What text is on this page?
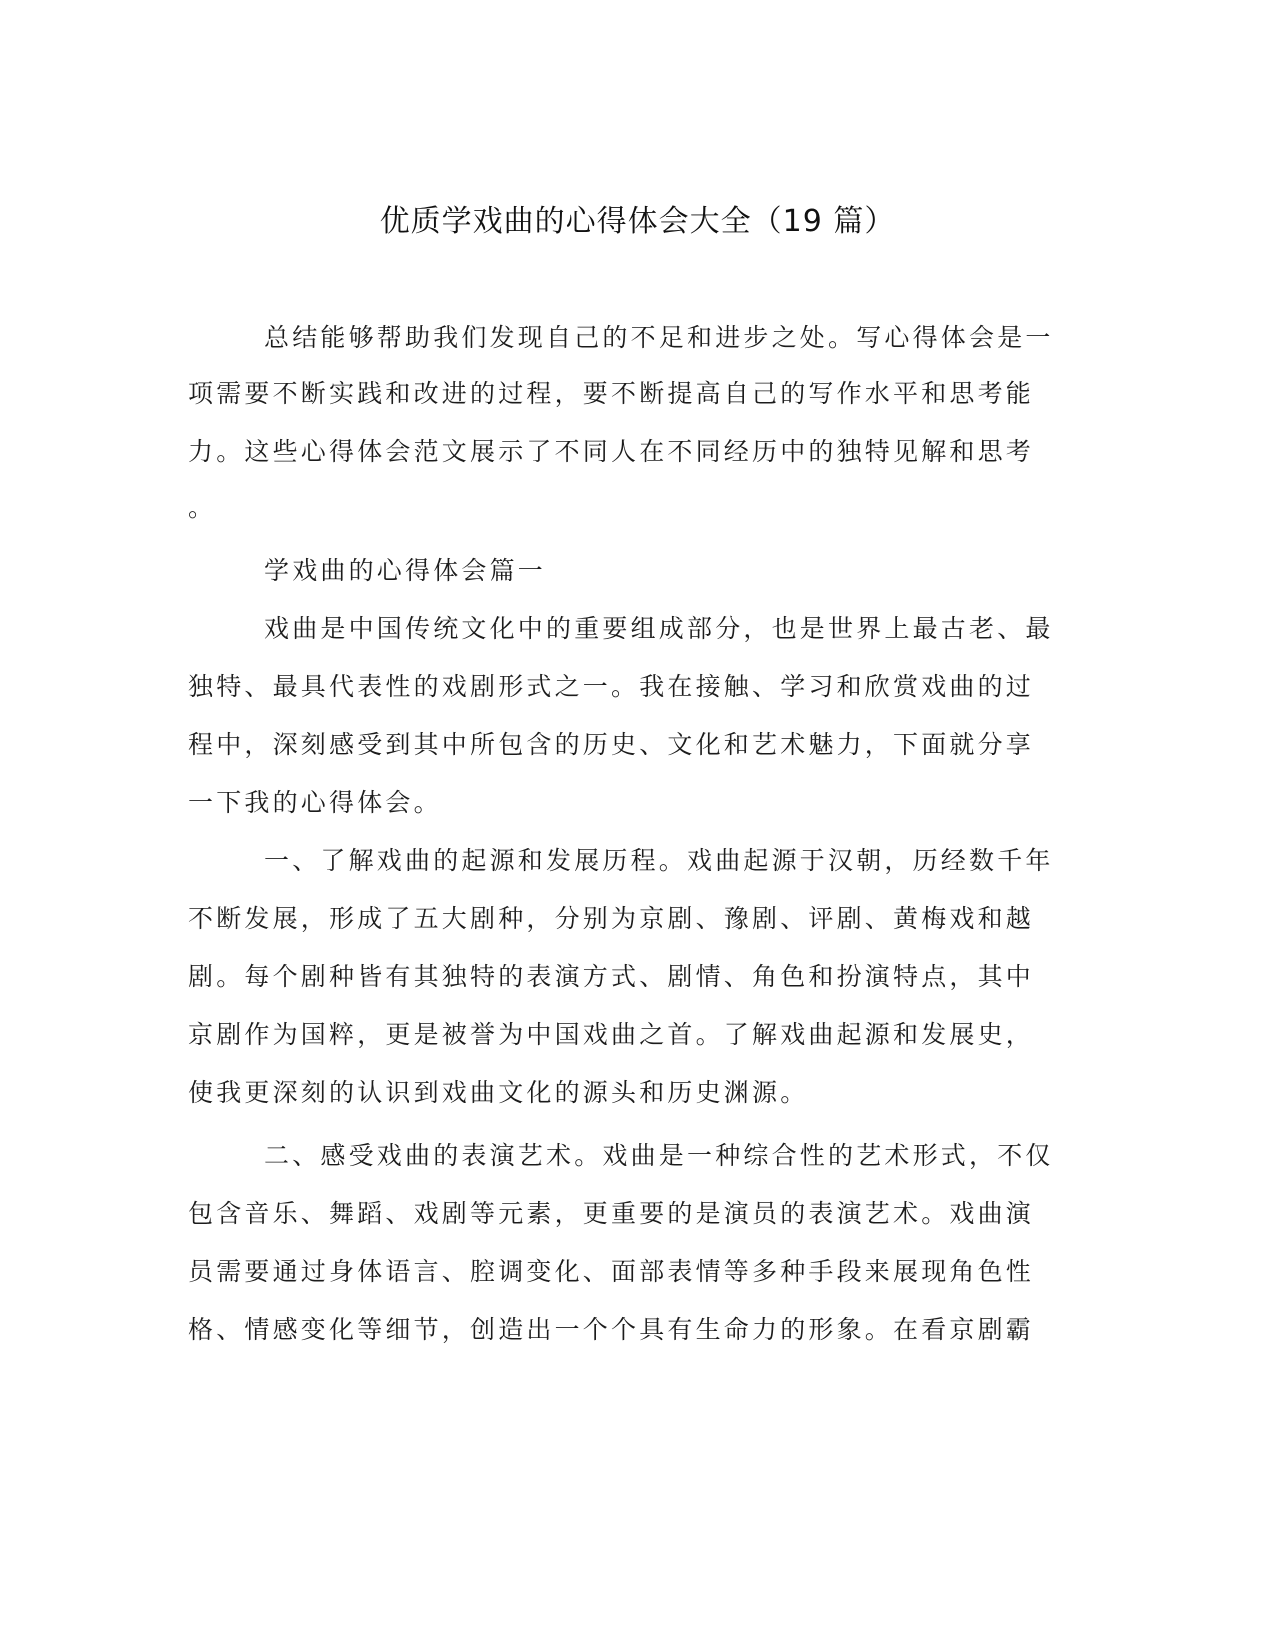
优质学戏曲的心得体会大全（19 篇）
总结能够帮助我们发现自己的不足和进步之处。写心得体会是一
项需要不断实践和改进的过程，要不断提高自己的写作水平和思考能
力。这些心得体会范文展示了不同人在不同经历中的独特见解和思考
。
学戏曲的心得体会篇一
戏曲是中国传统文化中的重要组成部分，也是世界上最古老、最
独特、最具代表性的戏剧形式之一。我在接触、学习和欣赏戏曲的过
程中，深刻感受到其中所包含的历史、文化和艺术魅力，下面就分享
一下我的心得体会。
一、了解戏曲的起源和发展历程。戏曲起源于汉朝，历经数千年
不断发展，形成了五大剧种，分别为京剧、豫剧、评剧、黄梅戏和越
剧。每个剧种皆有其独特的表演方式、剧情、角色和扮演特点，其中
京剧作为国粹，更是被誉为中国戏曲之首。了解戏曲起源和发展史，
使我更深刻的认识到戏曲文化的源头和历史渊源。
二、感受戏曲的表演艺术。戏曲是一种综合性的艺术形式，不仅
包含音乐、舞蹈、戏剧等元素，更重要的是演员的表演艺术。戏曲演
员需要通过身体语言、腔调变化、面部表情等多种手段来展现角色性
格、情感变化等细节，创造出一个个具有生命力的形象。在看京剧霸
